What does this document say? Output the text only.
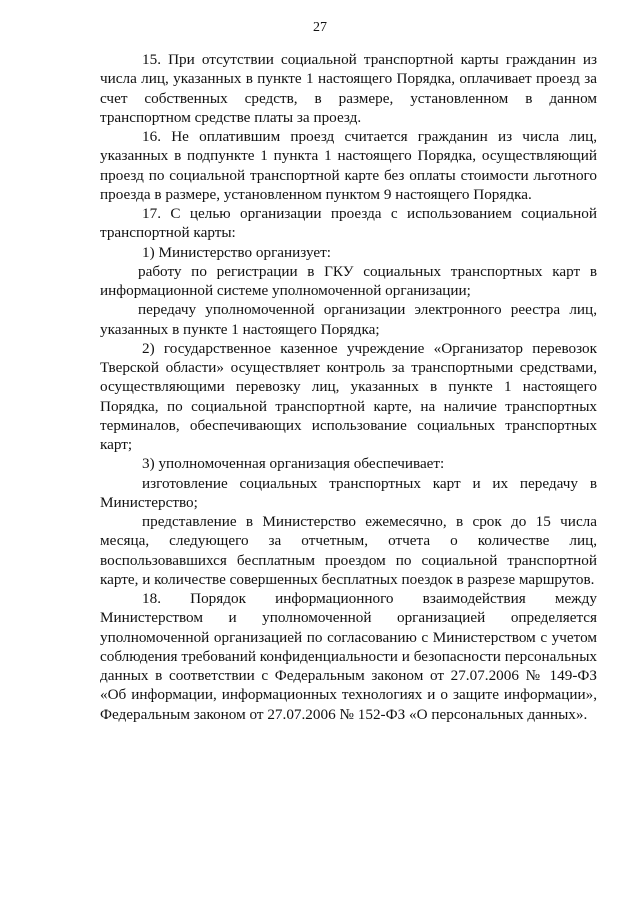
27

15. При отсутствии социальной транспортной карты гражданин из числа лиц, указанных в пункте 1 настоящего Порядка, оплачивает проезд за счет собственных средств, в размере, установленном в данном транспортном средстве платы за проезд.

16. Не оплатившим проезд считается гражданин из числа лиц, указанных в подпункте 1 пункта 1 настоящего Порядка, осуществляющий проезд по социальной транспортной карте без оплаты стоимости льготного проезда в размере, установленном пунктом 9 настоящего Порядка.

17. С целью организации проезда с использованием социальной транспортной карты:

1) Министерство организует:

работу по регистрации в ГКУ социальных транспортных карт в информационной системе уполномоченной организации;

передачу уполномоченной организации электронного реестра лиц, указанных в пункте 1 настоящего Порядка;

2) государственное казенное учреждение «Организатор перевозок Тверской области» осуществляет контроль за транспортными средствами, осуществляющими перевозку лиц, указанных в пункте 1 настоящего Порядка, по социальной транспортной карте, на наличие транспортных терминалов, обеспечивающих использование социальных транспортных карт;

3) уполномоченная организация обеспечивает:

изготовление социальных транспортных карт и их передачу в Министерство;

представление в Министерство ежемесячно, в срок до 15 числа месяца, следующего за отчетным, отчета о количестве лиц, воспользовавшихся бесплатным проездом по социальной транспортной карте, и количестве совершенных бесплатных поездок в разрезе маршрутов.

18. Порядок информационного взаимодействия между Министерством и уполномоченной организацией определяется уполномоченной организацией по согласованию с Министерством с учетом соблюдения требований конфиденциальности и безопасности персональных данных в соответствии с Федеральным законом от 27.07.2006 № 149-ФЗ «Об информации, информационных технологиях и о защите информации», Федеральным законом от 27.07.2006 № 152-ФЗ «О персональных данных».
